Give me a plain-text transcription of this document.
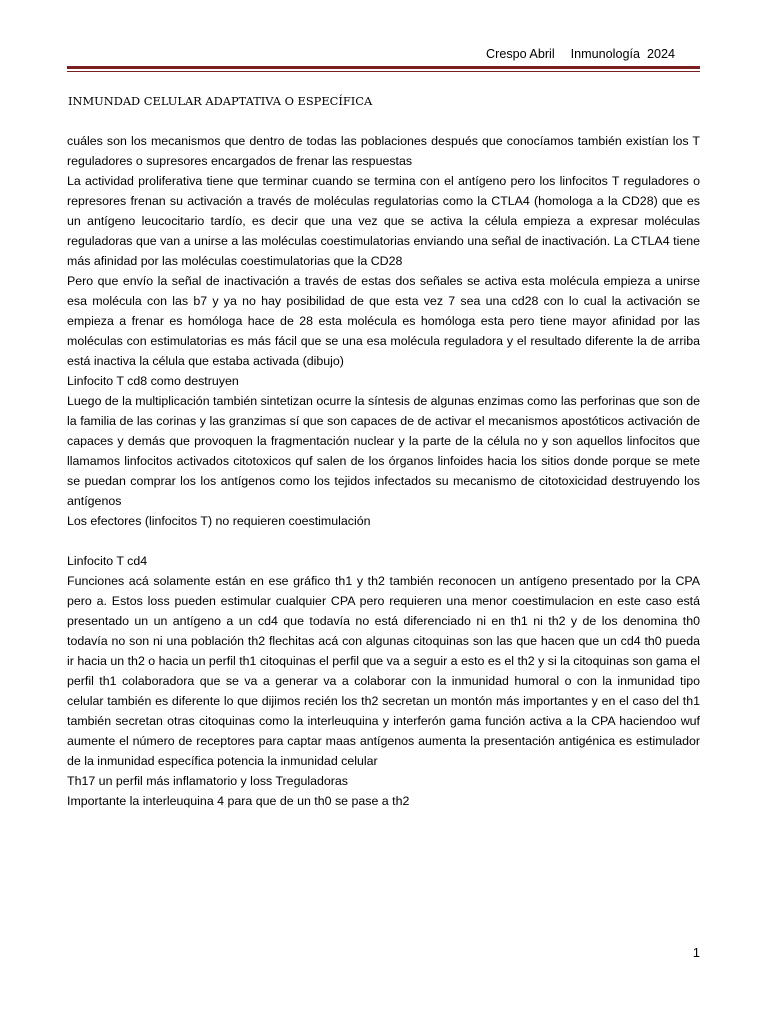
Crespo Abril Inmunología 2024
INMUNDAD CELULAR ADAPTATIVA O ESPECÍFICA

cuáles son los mecanismos que dentro de todas las poblaciones después que conocíamos también existían los T reguladores o supresores encargados de frenar las respuestas

La actividad proliferativa tiene que terminar cuando se termina con el antígeno pero los linfocitos T reguladores o represores frenan su activación a través de moléculas regulatorias como la CTLA4 (homologa a la CD28) que es un antígeno leucocitario tardío, es decir que una vez que se activa la célula empieza a expresar moléculas reguladoras que van a unirse a las moléculas coestimulatorias enviando una señal de inactivación. La CTLA4 tiene más afinidad por las moléculas coestimulatorias que la CD28

Pero que envío la señal de inactivación a través de estas dos señales se activa esta molécula empieza a unirse esa molécula con las b7 y ya no hay posibilidad de que esta vez 7 sea una cd28 con lo cual la activación se empieza a frenar es homóloga hace de 28 esta molécula es homóloga esta pero tiene mayor afinidad por las moléculas con estimulatorias es más fácil que se una esa molécula reguladora y el resultado diferente la de arriba está inactiva la célula que estaba activada (dibujo)

Linfocito T cd8 como destruyen

Luego de la multiplicación también sintetizan ocurre la síntesis de algunas enzimas como las perforinas que son de la familia de las corinas y las granzimas sí que son capaces de de activar el mecanismos apostóticos activación de capaces y demás que provoquen la fragmentación nuclear y la parte de la célula no y son aquellos linfocitos que llamamos linfocitos activados citotoxicos quf salen de los órganos linfoides hacia los sitios donde porque se mete se puedan comprar los los antígenos como los tejidos infectados su mecanismo de citotoxicidad destruyendo los antígenos

Los efectores (linfocitos T) no requieren coestimulación

Linfocito T cd4

Funciones acá solamente están en ese gráfico th1 y th2 también reconocen un antígeno presentado por la CPA pero a. Estos loss pueden estimular cualquier CPA pero requieren una menor coestimulacion en este caso está presentado un un antígeno a un cd4 que todavía no está diferenciado ni en th1 ni th2 y de los denomina th0 todavía no son ni una población th2 flechitas acá con algunas citoquinas son las que hacen que un cd4 th0 pueda ir hacia un th2 o hacia un perfil th1 citoquinas el perfil que va a seguir a esto es el th2 y si la citoquinas son gama el perfil th1 colaboradora que se va a generar va a colaborar con la inmunidad humoral o con la inmunidad tipo celular también es diferente lo que dijimos recién los th2 secretan un montón más importantes y en el caso del th1 también secretan otras citoquinas como la interleuquina y interferón gama función activa a la CPA haciendoo wuf aumente el número de receptores para captar maas antígenos aumenta la presentación antigénica es estimulador de la inmunidad específica potencia la inmunidad celular

Th17 un perfil más inflamatorio y loss Treguladoras

Importante la interleuquina 4 para que de un th0 se pase a th2

1
